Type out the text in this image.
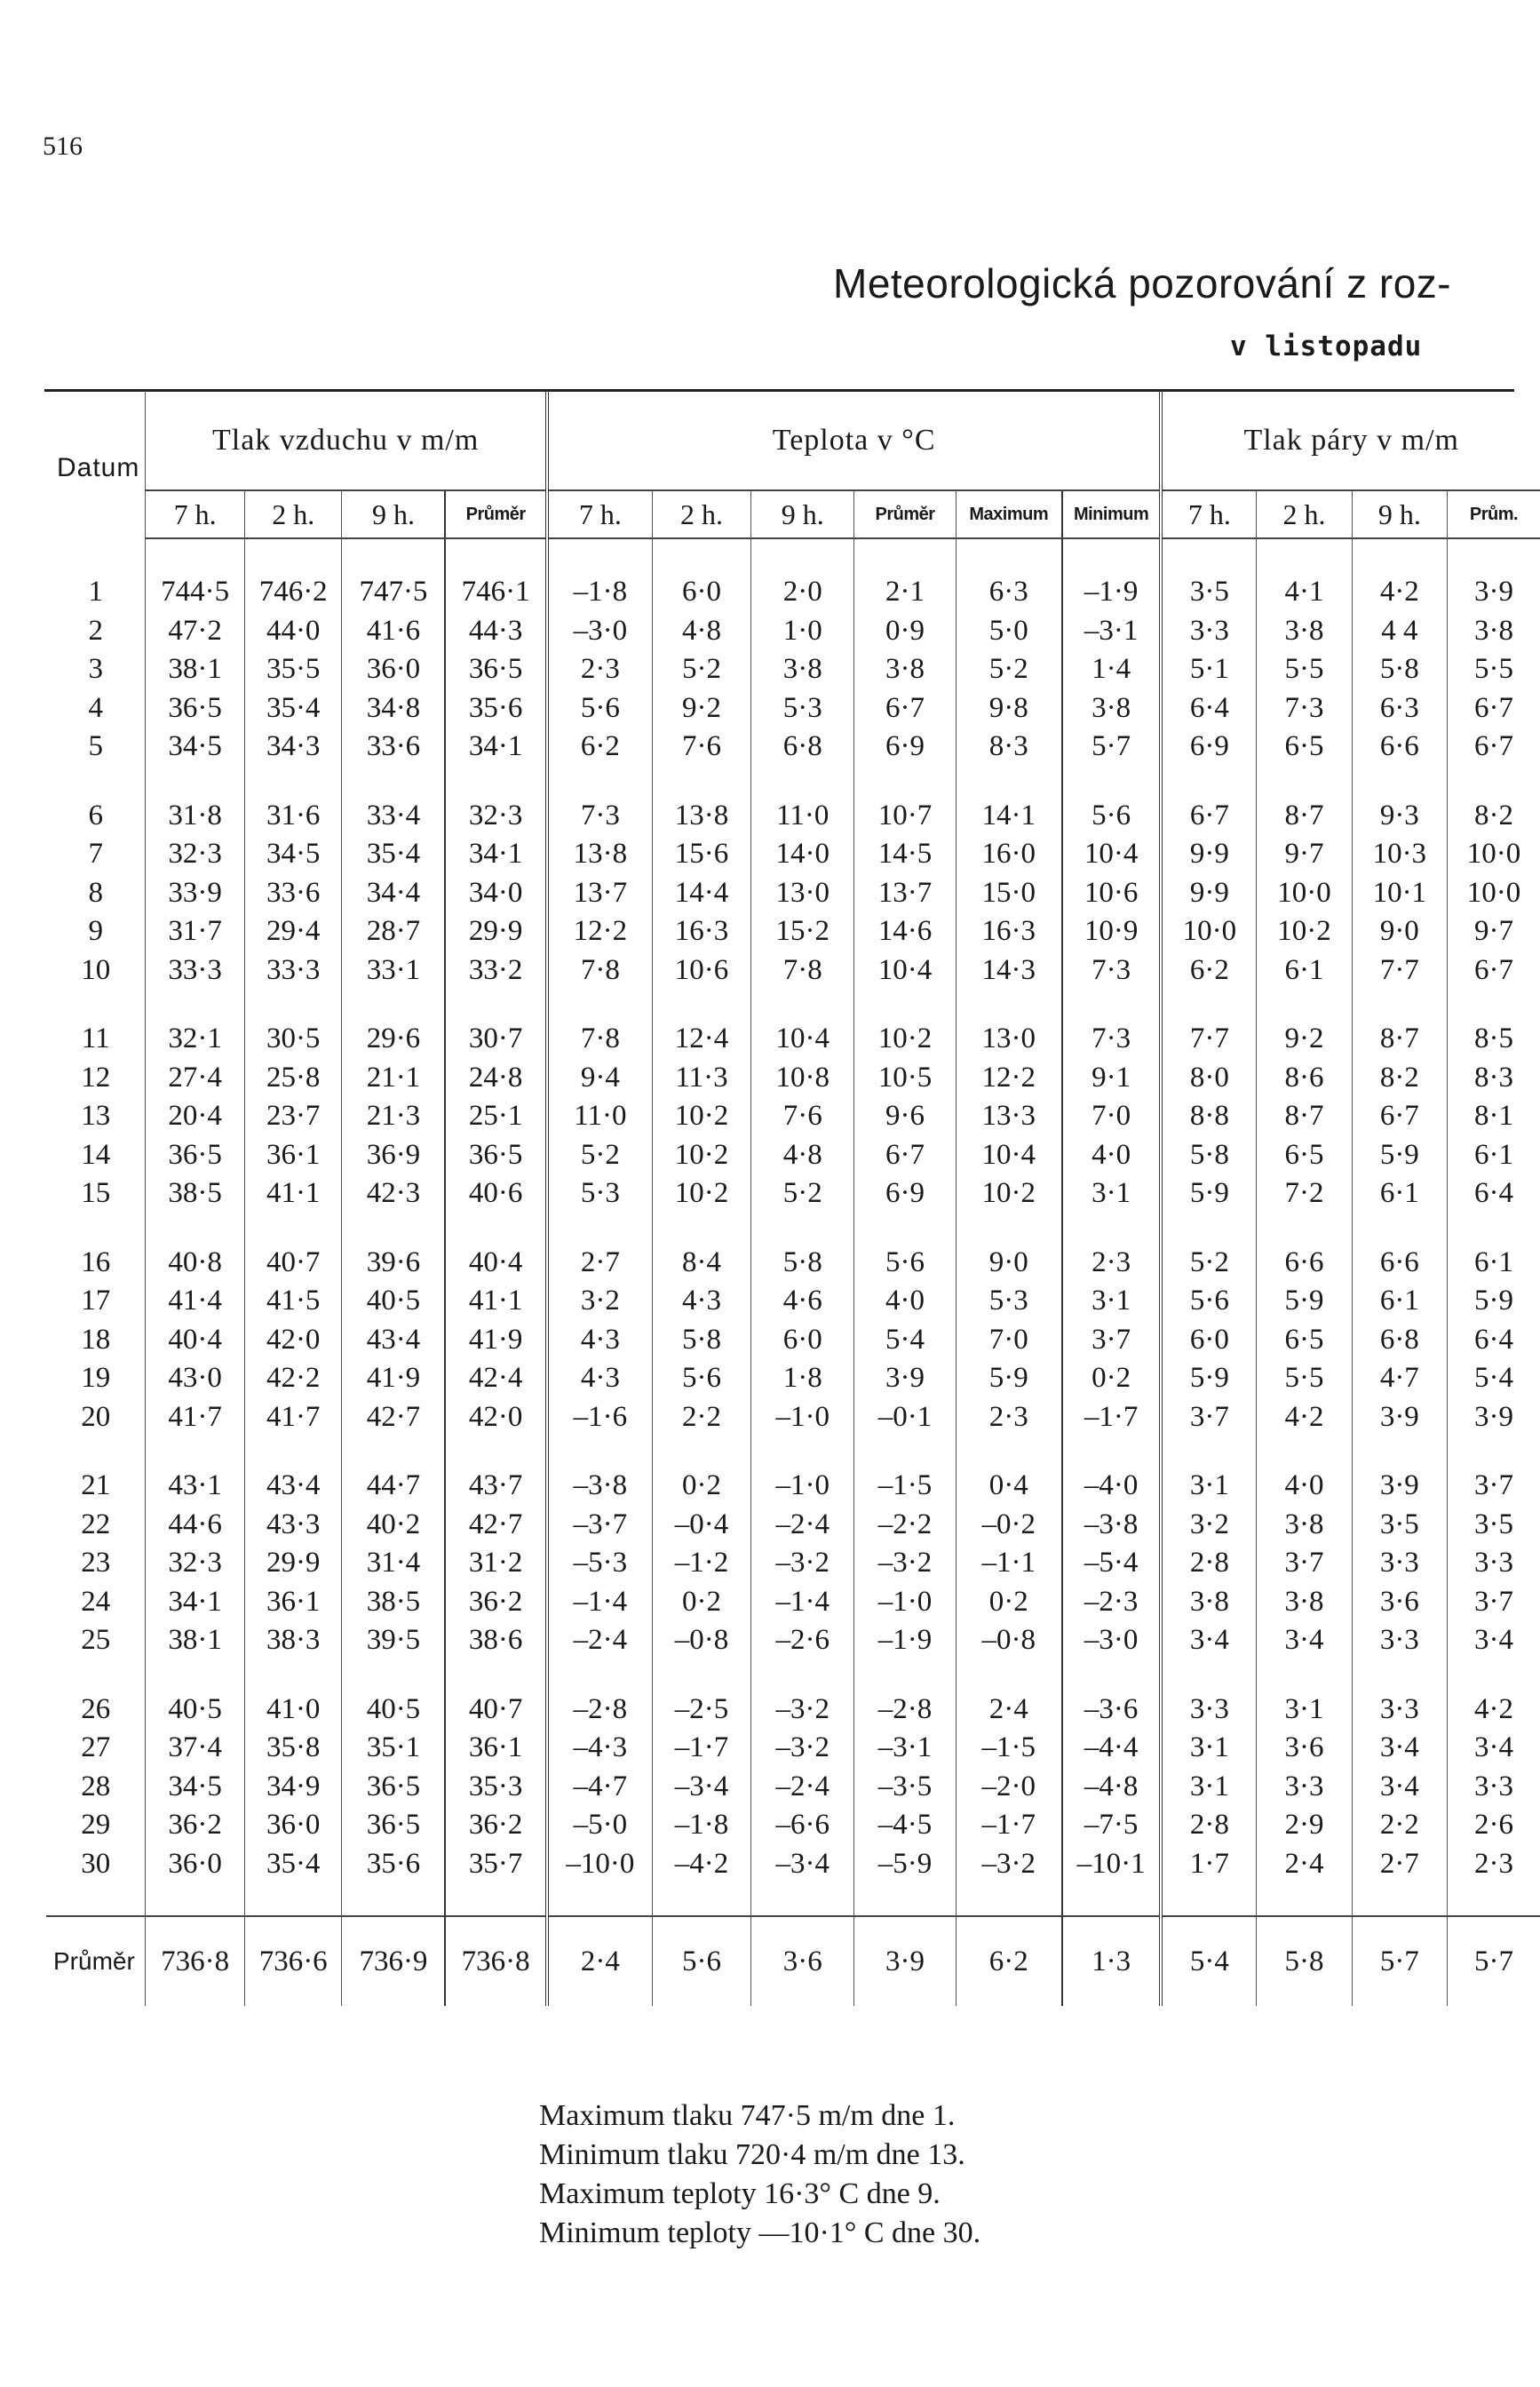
516
Meteorologická pozorování z roz-
v listopadu
Datum	Tlak vzduchu v m/m				Teplota v °C						Tlak páry v m/m			
	7 h.	2 h.	9 h.	Průměr	7 h.	2 h.	9 h.	Průměr	Maximum	Minimum	7 h.	2 h.	9 h.	Prům.

1	744·5	746·2	747·5	746·1	–1·8	6·0	2·0	2·1	6·3	–1·9	3·5	4·1	4·2	3·9
2	47·2	44·0	41·6	44·3	–3·0	4·8	1·0	0·9	5·0	–3·1	3·3	3·8	4 4	3·8
3	38·1	35·5	36·0	36·5	2·3	5·2	3·8	3·8	5·2	1·4	5·1	5·5	5·8	5·5
4	36·5	35·4	34·8	35·6	5·6	9·2	5·3	6·7	9·8	3·8	6·4	7·3	6·3	6·7
5	34·5	34·3	33·6	34·1	6·2	7·6	6·8	6·9	8·3	5·7	6·9	6·5	6·6	6·7

6	31·8	31·6	33·4	32·3	7·3	13·8	11·0	10·7	14·1	5·6	6·7	8·7	9·3	8·2
7	32·3	34·5	35·4	34·1	13·8	15·6	14·0	14·5	16·0	10·4	9·9	9·7	10·3	10·0
8	33·9	33·6	34·4	34·0	13·7	14·4	13·0	13·7	15·0	10·6	9·9	10·0	10·1	10·0
9	31·7	29·4	28·7	29·9	12·2	16·3	15·2	14·6	16·3	10·9	10·0	10·2	9·0	9·7
10	33·3	33·3	33·1	33·2	7·8	10·6	7·8	10·4	14·3	7·3	6·2	6·1	7·7	6·7

11	32·1	30·5	29·6	30·7	7·8	12·4	10·4	10·2	13·0	7·3	7·7	9·2	8·7	8·5
12	27·4	25·8	21·1	24·8	9·4	11·3	10·8	10·5	12·2	9·1	8·0	8·6	8·2	8·3
13	20·4	23·7	21·3	25·1	11·0	10·2	7·6	9·6	13·3	7·0	8·8	8·7	6·7	8·1
14	36·5	36·1	36·9	36·5	5·2	10·2	4·8	6·7	10·4	4·0	5·8	6·5	5·9	6·1
15	38·5	41·1	42·3	40·6	5·3	10·2	5·2	6·9	10·2	3·1	5·9	7·2	6·1	6·4

16	40·8	40·7	39·6	40·4	2·7	8·4	5·8	5·6	9·0	2·3	5·2	6·6	6·6	6·1
17	41·4	41·5	40·5	41·1	3·2	4·3	4·6	4·0	5·3	3·1	5·6	5·9	6·1	5·9
18	40·4	42·0	43·4	41·9	4·3	5·8	6·0	5·4	7·0	3·7	6·0	6·5	6·8	6·4
19	43·0	42·2	41·9	42·4	4·3	5·6	1·8	3·9	5·9	0·2	5·9	5·5	4·7	5·4
20	41·7	41·7	42·7	42·0	–1·6	2·2	–1·0	–0·1	2·3	–1·7	3·7	4·2	3·9	3·9

21	43·1	43·4	44·7	43·7	–3·8	0·2	–1·0	–1·5	0·4	–4·0	3·1	4·0	3·9	3·7
22	44·6	43·3	40·2	42·7	–3·7	–0·4	–2·4	–2·2	–0·2	–3·8	3·2	3·8	3·5	3·5
23	32·3	29·9	31·4	31·2	–5·3	–1·2	–3·2	–3·2	–1·1	–5·4	2·8	3·7	3·3	3·3
24	34·1	36·1	38·5	36·2	–1·4	0·2	–1·4	–1·0	0·2	–2·3	3·8	3·8	3·6	3·7
25	38·1	38·3	39·5	38·6	–2·4	–0·8	–2·6	–1·9	–0·8	–3·0	3·4	3·4	3·3	3·4

26	40·5	41·0	40·5	40·7	–2·8	–2·5	–3·2	–2·8	2·4	–3·6	3·3	3·1	3·3	4·2
27	37·4	35·8	35·1	36·1	–4·3	–1·7	–3·2	–3·1	–1·5	–4·4	3·1	3·6	3·4	3·4
28	34·5	34·9	36·5	35·3	–4·7	–3·4	–2·4	–3·5	–2·0	–4·8	3·1	3·3	3·4	3·3
29	36·2	36·0	36·5	36·2	–5·0	–1·8	–6·6	–4·5	–1·7	–7·5	2·8	2·9	2·2	2·6
30	36·0	35·4	35·6	35·7	–10·0	–4·2	–3·4	–5·9	–3·2	–10·1	1·7	2·4	2·7	2·3

Průměr	736·8	736·6	736·9	736·8	2·4	5·6	3·6	3·9	6·2	1·3	5·4	5·8	5·7	5·7
Maximum tlaku 747·5 m/m dne 1.
Minimum tlaku 720·4 m/m dne 13.
Maximum teploty 16·3° C dne 9.
Minimum teploty —10·1° C dne 30.
